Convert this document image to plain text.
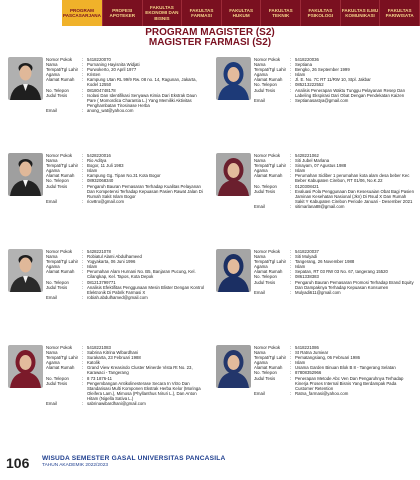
PROGRAM PASCASARJANA
PROFESI APOTEKER
FAKULTAS EKONOMI DAN BISNIS
FAKULTAS FARMASI
FAKULTAS HUKUM
FAKULTAS TEKNIK
FAKULTAS PSIKOLOGI
FAKULTAS ILMU KOMUNIKASI
FAKULTAS PARIWISATA
PROGRAM MAGISTER (S2)
MAGISTER FARMASI (S2)
Nomor Pokok	: 5418220070
Nama	: Purnaning Hayisnita Widjati
Tempat/Tgl Lahir : Purwokerto, 20 April 1977
Agama	: Kristen
Alamat Rumah	: Kampung Utan RL 99/9 Rw. 08 no. 14, Ragunan, Jakarta, Kodel 12550
No. Telepon	: 081804748178
Judul Tesis	: Isolasi Dan Identifikasi Senyawa Kimia Dari Ekstrak Daun Pare ( Momordica Charantia L.) Yang Memiliki Aktivitas Penghambatan Tirosinase Herba
Email	: anong_wat@yahoo.com
Nomor Pokok	: 5418220036
Nama	: Septiana
Tempat/Tgl Lahir : Bengko, 26 September 1999
Agama	: Islam
Alamat Rumah	: Jl. E. No. 7C RT 11/RW 10, Stpl. Jakbar
No. Telepon	: 085213222552
Judul Tesis	: Analisis Penerapan Waktu Tunggu Pelayanan Resep Dan Labeling Ekspirasi Dari Obat Dengan Pendekatan Kaizen
Email	: Septianasastya@gmail.com
Nomor Pokok	: 5428220016
Nama	: Rio Aditya
Tempat/Tgl Lahir : Bogor, 11 Juli 1983
Agama	: Islam
Alamat Rumah	: Kampung Gg. Tipan No.31 Kota Bogor
No. Telepon	: 08932068340
Judul Tesis	: Pengaruh Bauran Pemasaran Terhadap Kualitas Pelayanan Dan Kompetensi Terhadap Kepuasan Pasien Rawat Jalan Di Rumah Sakit Islam Bogor
Email	: riov8ro@gmail.com
Nomor Pokok	: 5428221062
Nama	: Siti Jubel Marlana
Tempat/Tgl Lahir : Sinayam, 07 Agustus 1988
Agama	: Islam
Alamat Rumah	: Perumahan Sidiber 1 perumahan kota alam desa beber Kec Beber Kabupaten Cirebon, RT 01/06, No.K.22
No. Telepon	: 0120308421
Judul Tesis	: Evaluasi Pola Penggunaan Dan Kesesuaian Obat Bagi Pasien Jaminan Kesehatan Nasional (Jkn) Di Rsud X Dan Rumah Sakit Y Kabupaten Cirebon Periode Januari - Desember 2021
Email	: sitimarlana88@gmail.com
Nomor Pokok	: 5428221078
Nama	: Robiatul Alami Abdulhameed
Tempat/Tgl Lahir : Yogyakarta, 06 Juni 1996
Agama	: Islam
Alamat Rumah	: Perumahan Alam Hurnani No. B5, Banjaran Pucung, Kel. Cilangkap, Kel. Tapos, Kota Depok
No. Telepon	: 081213799771
Judul Tesis	: Analisis Efektifitas Penggunaan Mesin Blister Dengan Kontrol Elektronik Di Pabrik Farmasi X
Email	: robiah.abdulhamed@gmail.com
Nomor Pokok	: 5418220037
Nama	: Siti Mulyadi
Tempat/Tgl Lahir : Tangerang, 26 November 1988
Agama	: Islam
Alamat Rumah	: Sepatan, RT 03 RW 03 No. 67, tangerang 15520
No. Telepon	: 0861338383
Judul Tesis	: Pengaruh Bauran Pemasaran Promosi Terhadap Brand Equity Dan Dampaknya Terhadap Kepuasan Konsumen
Email	: Mulyadi611@gmail.com
Nomor Pokok	: 5418221083
Nama	: Sabrina Kitrina Wibardhani
Tempat/Tgl Lahir : Surakarta, 23 Februari 1988
Agama	: Katolik
Alamat Rumah	: Grand View Kreasindo Cluster Minerde Vista Rt No. 23, Karawaci - Tangerang
No. Telepon	: 8 73 1876-11
Judul Tesis	: Pengembangan Antikolinesterase Secara In Vitro Dan Standarisasi Multi Komponen Ekstrak Herba Kelor (Moringa Oleifera Lam.), Mimosa (Phyllanthus Niruri L.), Dan Anton Hitam (Nigella Sativa L.)
Email	: sabrinawibardhani@gmail.com
Nomor Pokok	: 5418221086
Nama	: St Ratna Jumiear
Tempat/Tgl Lahir : Pematangsiang, 06 Februari 1986
Agama	: Islam
Alamat Rumah	: Usama Garden Binuan Blok B 8 - Tangerang Selatan
No. Telepon	: 87808352966
Judul Tesis	: Penerapan Metode Abc Ven Dan Pengaruhnya Terhadap Kinerja Proses Internal Bisnis Yang Berdampak Pada Customer Retention
Email	: Ratna_farmasi@yahoo.com
106 WISUDA SEMESTER GASAL UNIVERSITAS PANCASILA
TAHUN AKADEMIK 2022/2023
